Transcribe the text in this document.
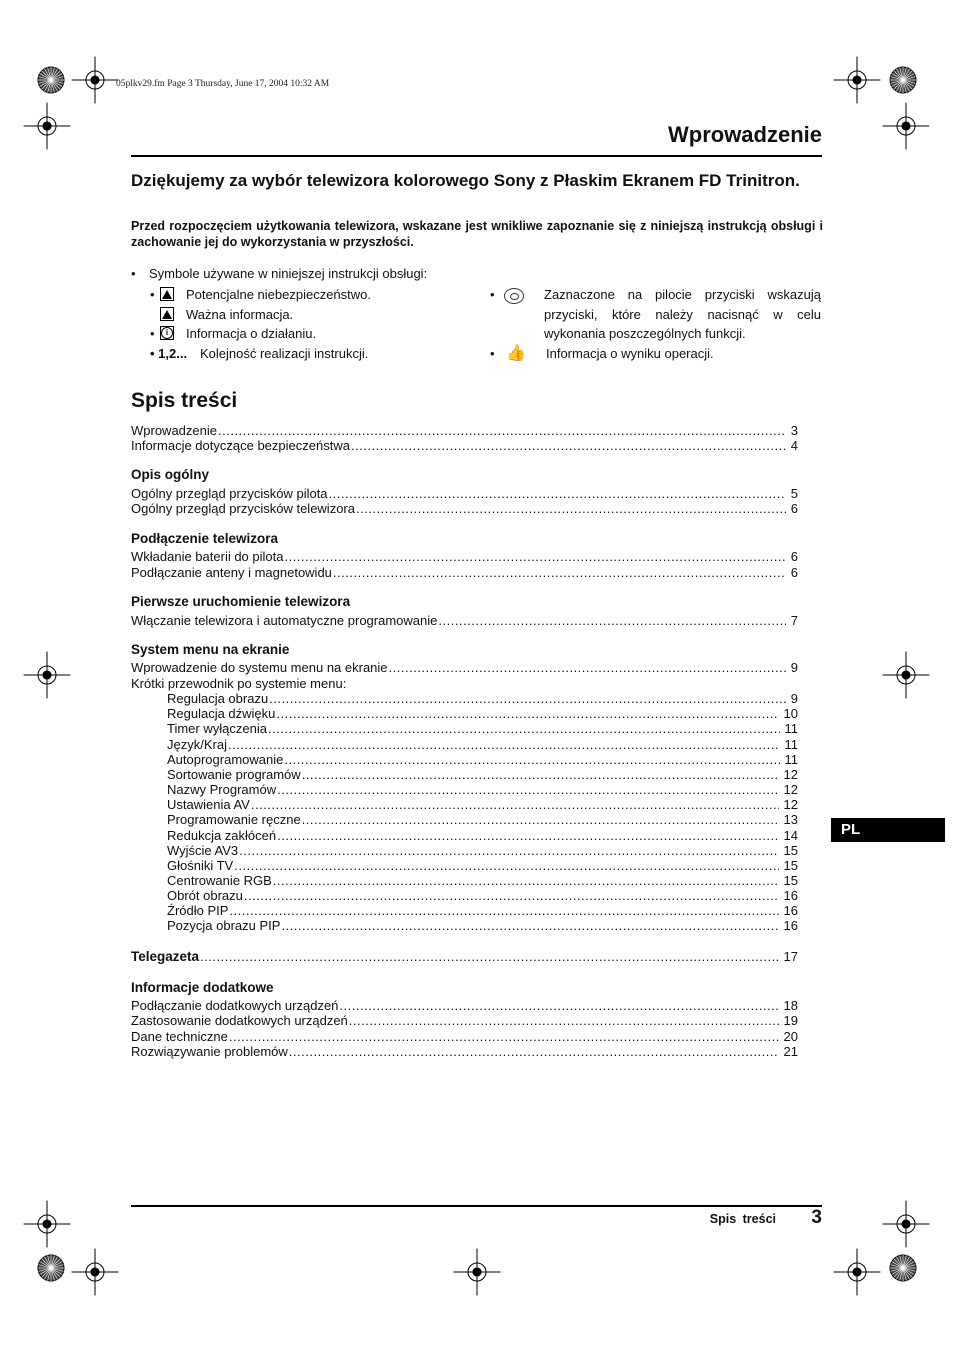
05plkv29.fm Page 3 Thursday, June 17, 2004 10:32 AM
Wprowadzenie
Dziękujemy za wybór telewizora kolorowego Sony z Płaskim Ekranem FD Trinitron.
Przed rozpoczęciem użytkowania telewizora, wskazane jest wnikliwe zapoznanie się z niniejszą instrukcją obsługi i zachowanie jej do wykorzystania w przyszłości.
• Symbole używane w niniejszej instrukcji obsługi:
•	Potencjalne niebezpieczeństwo.
Ważna informacja.
•	i	Informacja o działaniu.
• 1,2... Kolejność realizacji instrukcji.
•	Zaznaczone na pilocie przyciski wskazują przyciski, które należy nacisnąć w celu wykonania poszczególnych funkcji.
• 👍 Informacja o wyniku operacji.
Spis treści
Wprowadzenie .....	3
Informacje dotyczące bezpieczeństwa .....	4
Opis ogólny
Ogólny przegląd przycisków pilota .....	5
Ogólny przegląd przycisków telewizora .....	6
Podłączenie telewizora
Wkładanie baterii do pilota .....	6
Podłączanie anteny i magnetowidu .....	6
Pierwsze uruchomienie telewizora
Włączanie telewizora i automatyczne programowanie .....	7
System menu na ekranie
Wprowadzenie do systemu menu na ekranie .....	9
Krótki przewodnik po systemie menu:
Regulacja obrazu .....	9
Regulacja dźwięku .....	10
Timer wyłączenia .....	11
Język/Kraj .....	11
Autoprogramowanie .....	11
Sortowanie programów .....	12
Nazwy Programów .....	12
Ustawienia AV .....	12
Programowanie ręczne .....	13
Redukcja zakłóceń .....	14
Wyjście AV3 .....	15
Głośniki TV .....	15
Centrowanie RGB .....	15
Obrót obrazu .....	16
Źródło PIP .....	16
Pozycja obrazu PIP .....	16
Telegazeta .....	17
Informacje dodatkowe
Podłączanie dodatkowych urządzeń .....	18
Zastosowanie dodatkowych urządzeń .....	19
Dane techniczne .....	20
Rozwiązywanie problemów .....	21
PL
Spis treści 3
